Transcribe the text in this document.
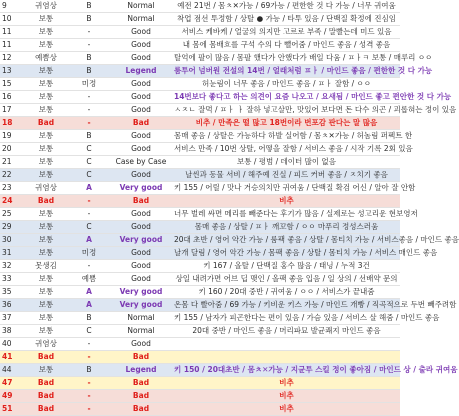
9	귀염상	B	Normal	예전 21번 / 몸ㅊ✕가능 / 69가능 / 편한한 것 다 가능 / 너무 귀여움
10	보통	B	Normal	착업 점선 투정함 / 상탈 ● 가능 / 타투 있음 / 단백질 확정에 진심임
11	보통	-	Good	서비스 케바케 / 얼굴의 의지만 고르로 부족 / 말빨는데 미드 있음
11	보통	-	Good	내 몸에 몸배흐를 구석 수의 다 뺄어줌 / 마인드 좋음 / 성격 좋음
12	예쁨상	B	Good	탈억에 팔이 많음 / 몸팔 했다가 안했다가 배일 다움 / ㅍㅏㅋ 보통 / 매루리 ㅇㅇ
13	보통	B	Legend	룸투어 넘버원 전설의 14번 / 얼래처럼 ㅍㅏ / 마인드 좋음 / 편한한 것 다 가능
15	보통	미정	Good	허눈림이 너무 좋음 / 마인드 좋음 / ㅍㅏ 잘함 / ㅇㅇ
16	보통	-	Good	14번보다 좋다고 하는 의견이 요즘 나오고 / 요새됨 / 마인드 좋고 편안한 것 다 가능
17	보통	-	Good	ㅅㅈㄴ 잘먹 / ㅍㅏ ㅏ 잘하 넣고살만, 맛있어 보다면 돈 다수 의곤 / 괴롭혀는 정이 있음
18	Bad	-	Bad	비추 / 만족은 떨 많고 18번이라 번포감 판다는 말 많음
19	보통	B	Good	몸매 좋음 / 상탈은 가능하다 하발 실어함 / 몸ㅊ✕가능 / 허놈림 퍼펙트 한
20	보통	C	Good	서비스 만족 / 10번 상탈, 어떻을 잘함 / 서비스 좋음 / 시작 기록 2회 있음
21	보통	C	Case by Case	보통 / 평범 / 데이터 많이 없음
22	보통	C	Good	날씬과 동물 서비 / 해주예 진실 / 피드 커버 좋음 / ㅈ치기 좋음
23	귀염상	A	Very good	키 155 / 어릴 / 맛나 거승의치만 귀여움 / 단백질 확검 어신 / 알아 잘 안함
24	Bad	-	Bad	비추
25	보통	-	Good	너무 벌레 싸면 메리를 빼준다는 후기가 많음 / 실제로는 성고리운 현보영저
29	보통	C	Good	몸매 좋음 / 상탈 / ㅍㅏ 깨꼬함 / ㅇㅇ 마푸리 정성스러움
30	보통	A	Very good	20대 초반 / 영어 악간 가능 / 룸팩 좋음 / 상탈 / 몸티치 가능 / 서비스좋음 / 마인드 좋음
31	보통	미정	Good	날개 달림 / 영어 악간 가능 / 몸팩 좋음 / 상탈 / 몸티치 가능 / 서비스 매인드 좋음
32	못생김	-	Good	키 167 / 올탈 / 단백질 홍수 많음 / 태닝 / 누적 3건
33	보통	예쁨	Good	상일 내려가면 어브 딥 맺인 / 올팩 좋음 입음 / 일 상의 / 선배약 문의
35	보통	A	Very good	키 160 / 20대 중반 / 귀여움 / ㅇㅇ / 서비스가 끝내줌
36	보통	A	Very good	온몸 다 빨아줌 / 69 가능 / 키비운 키스 가능 / 마인드 개빵 / 직곡적으로 두번 빼주려함
37	보통	B	Normal	키 155 / 남자가 피곤한다는 편이 있음 / 가슴 있음 / 서비스 살 해줌 / 마인드 좋음
38	보통	C	Normal	20대 중반 / 마인드 좋음 / 머리파묘 발균쾌지 마인드 좋음
40	귀염상	-	Good	
41	Bad	-	Bad	
44	보통	B	Legend	키 150 / 20대초반 / 몸ㅊ✕가능 / 지균투 스킬 정이 좋아짐 / 마인드 상 / 출라 귀여움
47	Bad	-	Bad	비추
49	Bad	-	Bad	비추
51	Bad	-	Bad	비추
